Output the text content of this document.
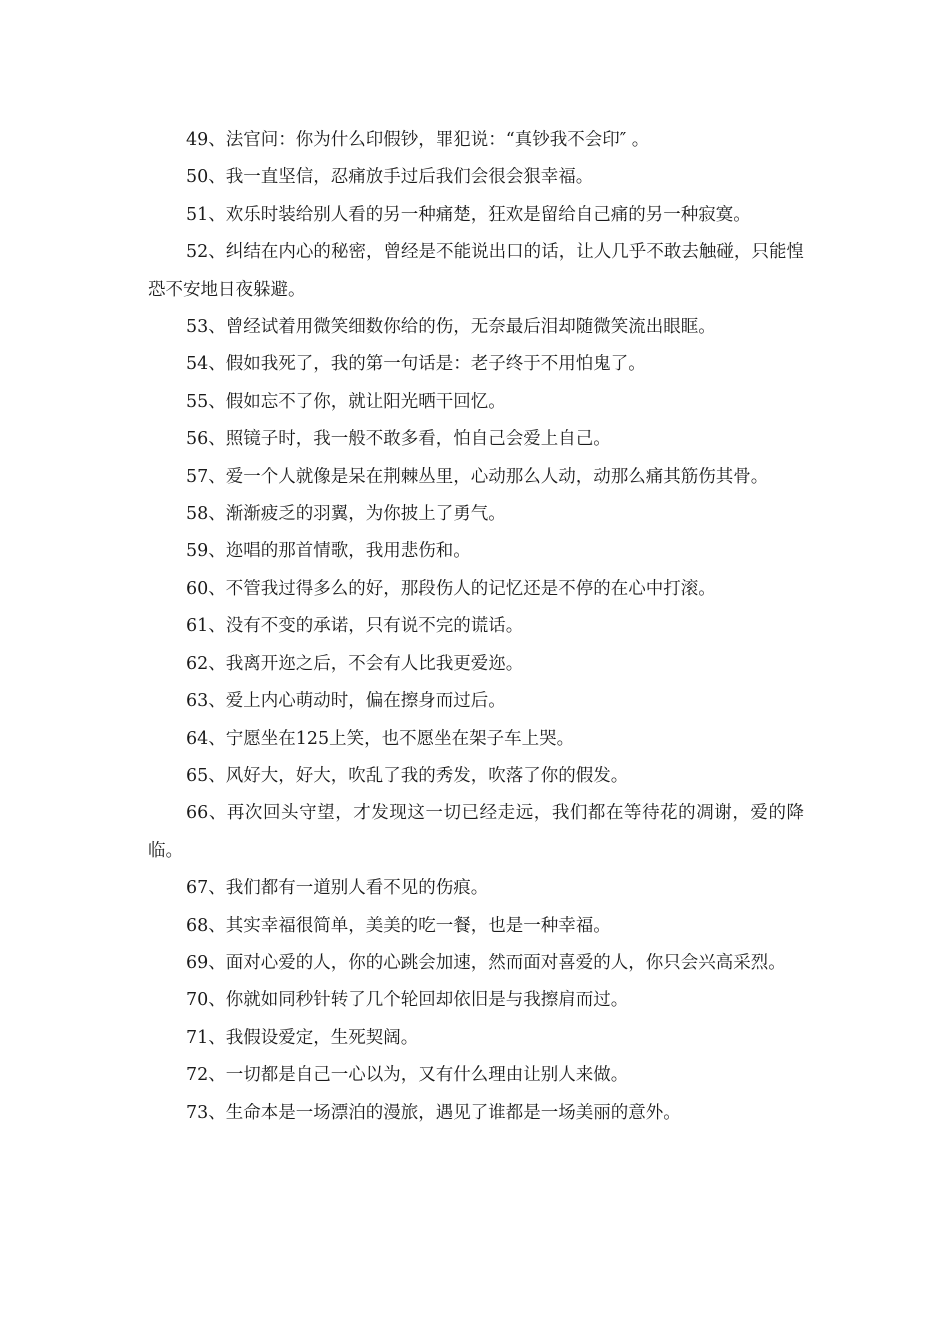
49、法官问：你为什么印假钞，罪犯说：“真钞我不会印″ 。

50、我一直坚信，忍痛放手过后我们会很会狠幸福。

51、欢乐时装给别人看的另一种痛楚，狂欢是留给自己痛的另一种寂寞。

52、纠结在内心的秘密，曾经是不能说出口的话，让人几乎不敢去触碰，只能惶恐不安地日夜躲避。

53、曾经试着用微笑细数你给的伤，无奈最后泪却随微笑流出眼眶。

54、假如我死了，我的第一句话是：老子终于不用怕鬼了。

55、假如忘不了你，就让阳光晒干回忆。

56、照镜子时，我一般不敢多看，怕自己会爱上自己。

57、爱一个人就像是呆在荆棘丛里，心动那么人动，动那么痛其筋伤其骨。

58、渐渐疲乏的羽翼，为你披上了勇气。

59、迩唱的那首情歌，我用悲伤和。

60、不管我过得多么的好，那段伤人的记忆还是不停的在心中打滚。

61、没有不变的承诺，只有说不完的谎话。

62、我离开迩之后，不会有人比我更爱迩。

63、爱上内心萌动时，偏在擦身而过后。

64、宁愿坐在125上笑，也不愿坐在架子车上哭。

65、风好大，好大，吹乱了我的秀发，吹落了你的假发。

66、再次回头守望，才发现这一切已经走远，我们都在等待花的凋谢，爱的降临。

67、我们都有一道别人看不见的伤痕。

68、其实幸福很简单，美美的吃一餐，也是一种幸福。

69、面对心爱的人，你的心跳会加速，然而面对喜爱的人，你只会兴高采烈。

70、你就如同秒针转了几个轮回却依旧是与我擦肩而过。

71、我假设爱定，生死契阔。

72、一切都是自己一心以为，又有什么理由让别人来做。

73、生命本是一场漂泊的漫旅，遇见了谁都是一场美丽的意外。
